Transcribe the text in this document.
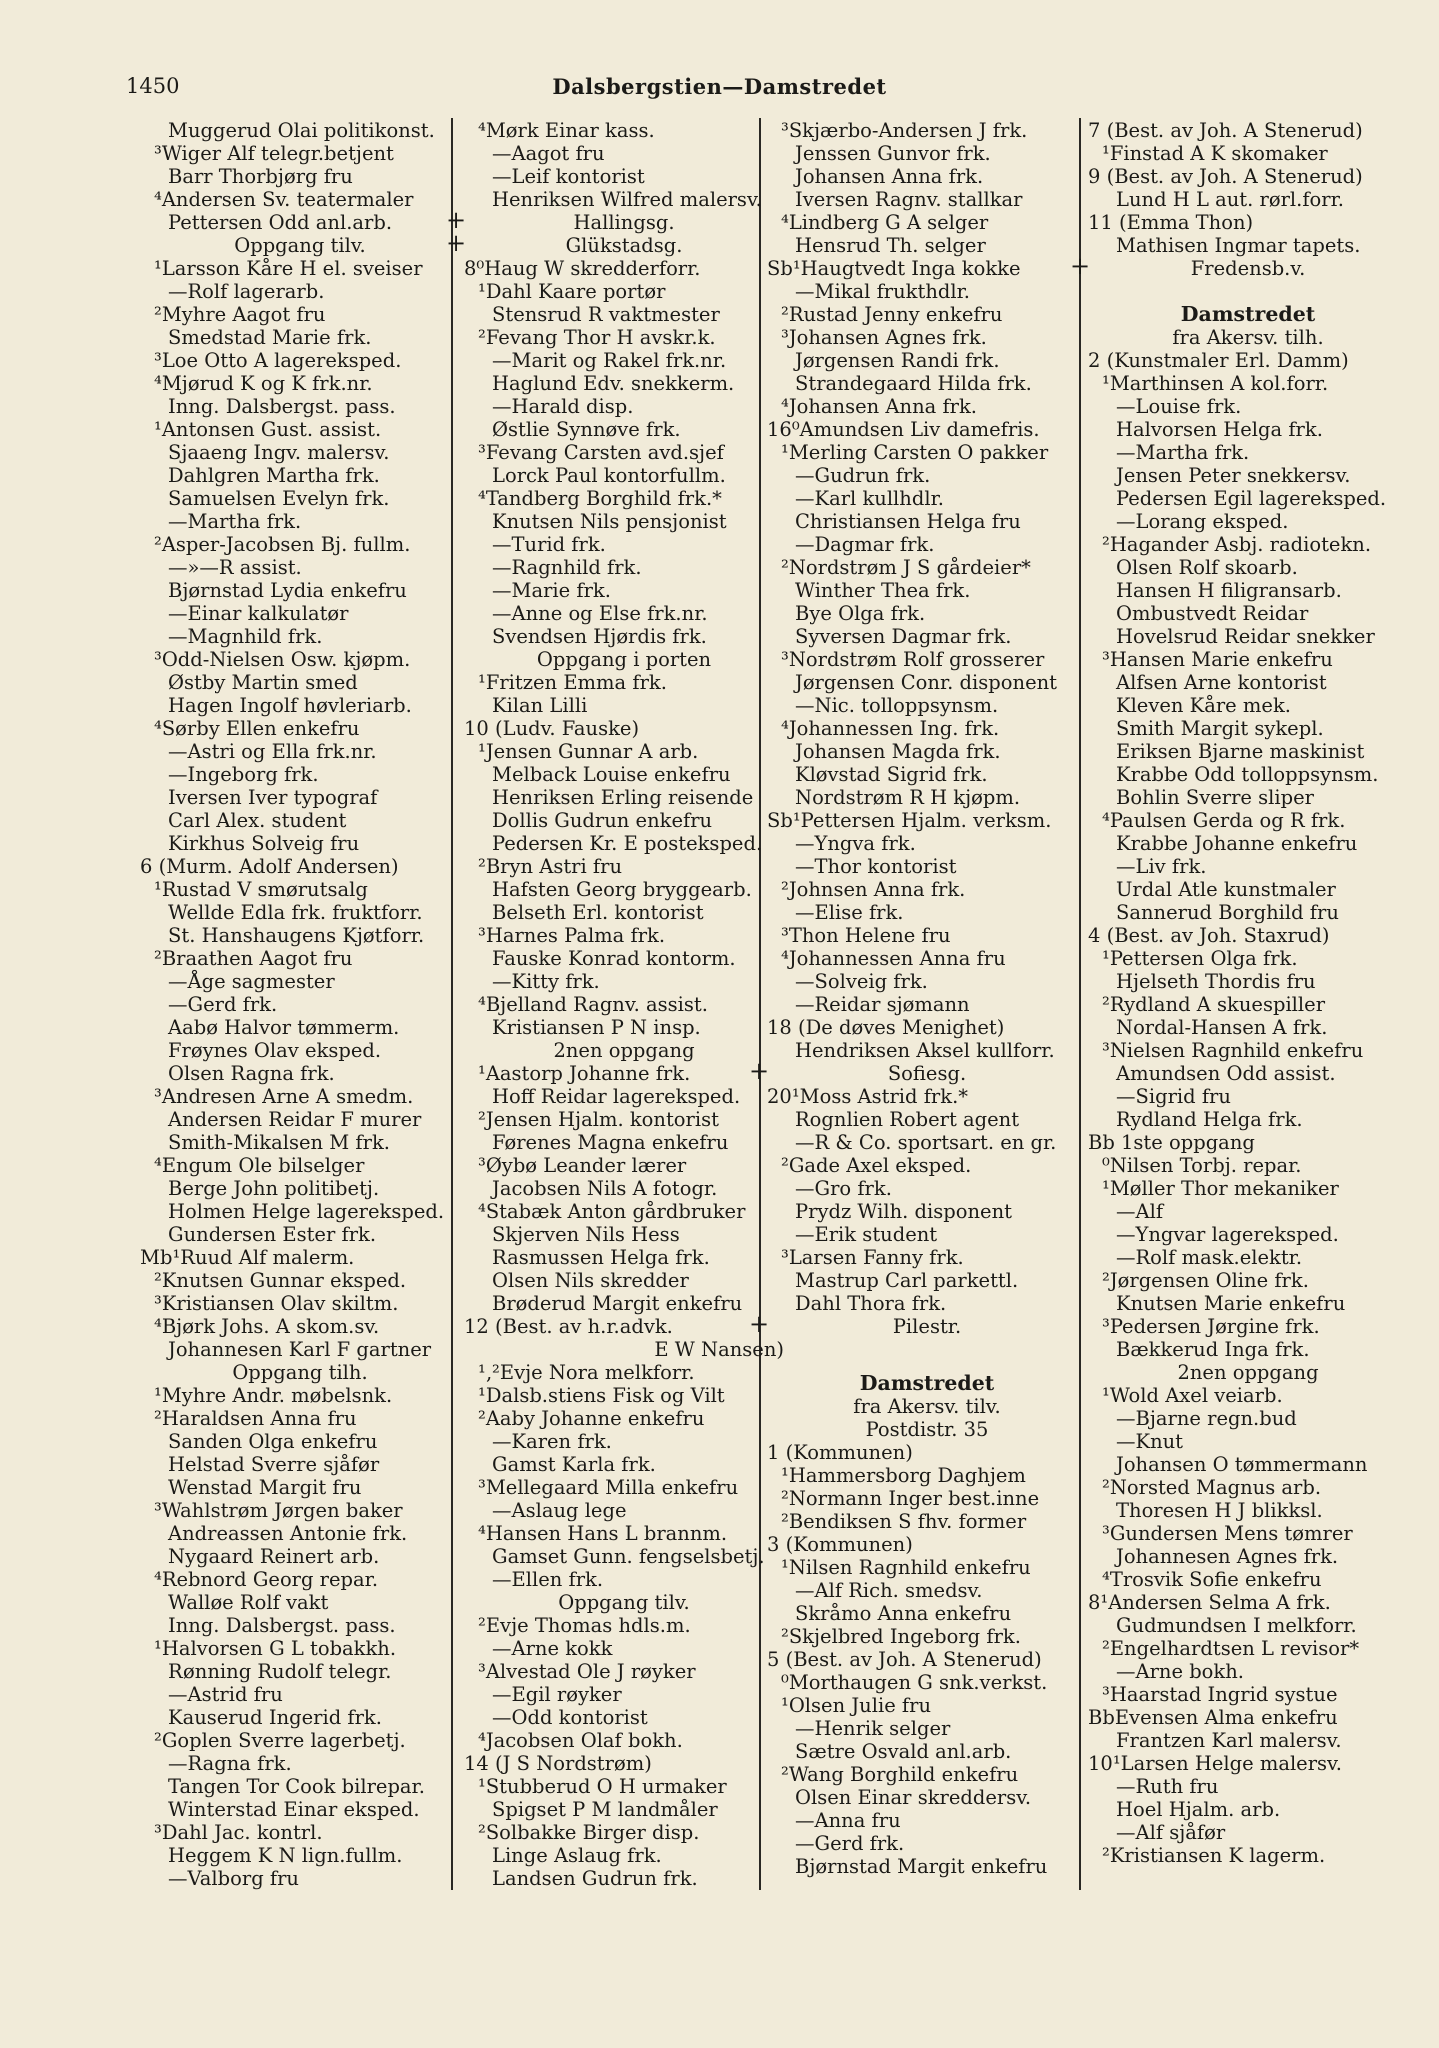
1450	Dalsbergstien—Damstredet
Muggerud Olai politikonst.
³Wiger Alf telegr.betjent
Barr Thorbjørg fru
⁴Andersen Sv. teatermaler
Pettersen Odd anl.arb.
Oppgang tilv.
¹Larsson Kåre H el. sveiser
—Rolf lagerarb.
²Myhre Aagot fru
Smedstad Marie frk.
³Loe Otto A lagereksped.
⁴Mjørud K og K frk.nr.
Inng. Dalsbergst. pass.
¹Antonsen Gust. assist.
Sjaaeng Ingv. malersv.
Dahlgren Martha frk.
Samuelsen Evelyn frk.
—Martha frk.
²Asper-Jacobsen Bj. fullm.
—»—R assist.
Bjørnstad Lydia enkefru
—Einar kalkulatør
—Magnhild frk.
³Odd-Nielsen Osw. kjøpm.
Østby Martin smed
Hagen Ingolf høvleriarb.
⁴Sørby Ellen enkefru
—Astri og Ella frk.nr.
—Ingeborg frk.
Iversen Iver typograf
Carl Alex. student
Kirkhus Solveig fru
6 (Murm. Adolf Andersen)
¹Rustad V smørutsalg
Wellde Edla frk. fruktforr.
St. Hanshaugens Kjøtforr.
²Braathen Aagot fru
—Åge sagmester
—Gerd frk.
Aabø Halvor tømmerm.
Frøynes Olav eksped.
Olsen Ragna frk.
³Andresen Arne A smedm.
Andersen Reidar F murer
Smith-Mikalsen M frk.
⁴Engum Ole bilselger
Berge John politibetj.
Holmen Helge lagereksped.
Gundersen Ester frk.
Mb¹Ruud Alf malerm.
²Knutsen Gunnar eksped.
³Kristiansen Olav skiltm.
⁴Bjørk Johs. A skom.sv.
Johannesen Karl F gartner
Oppgang tilh.
¹Myhre Andr. møbelsnk.
²Haraldsen Anna fru
Sanden Olga enkefru
Helstad Sverre sjåfør
Wenstad Margit fru
³Wahlstrøm Jørgen baker
Andreassen Antonie frk.
Nygaard Reinert arb.
⁴Rebnord Georg repar.
Walløe Rolf vakt
Inng. Dalsbergst. pass.
¹Halvorsen G L tobakkh.
Rønning Rudolf telegr.
—Astrid fru
Kauserud Ingerid frk.
²Goplen Sverre lagerbetj.
—Ragna frk.
Tangen Tor Cook bilrepar.
Winterstad Einar eksped.
³Dahl Jac. kontrl.
Heggem K N lign.fullm.
—Valborg fru
⁴Mørk Einar kass.
—Aagot fru
—Leif kontorist
Henriksen Wilfred malersv.
+	Hallingsg.
+	Glükstadsg.
8⁰Haug W skredderforr.
¹Dahl Kaare portør
Stensrud R vaktmester
²Fevang Thor H avskr.k.
—Marit og Rakel frk.nr.
Haglund Edv. snekkerm.
—Harald disp.
Østlie Synnøve frk.
³Fevang Carsten avd.sjef
Lorck Paul kontorfullm.
⁴Tandberg Borghild frk.*
Knutsen Nils pensjonist
—Turid frk.
—Ragnhild frk.
—Marie frk.
—Anne og Else frk.nr.
Svendsen Hjørdis frk.
Oppgang i porten
¹Fritzen Emma frk.
Kilan Lilli
10 (Ludv. Fauske)
¹Jensen Gunnar A arb.
Melback Louise enkefru
Henriksen Erling reisende
Dollis Gudrun enkefru
Pedersen Kr. E posteksped.
²Bryn Astri fru
Hafsten Georg bryggearb.
Belseth Erl. kontorist
³Harnes Palma frk.
Fauske Konrad kontorm.
—Kitty frk.
⁴Bjelland Ragnv. assist.
Kristiansen P N insp.
2nen oppgang
¹Aastorp Johanne frk.
Hoff Reidar lagereksped.
²Jensen Hjalm. kontorist
Førenes Magna enkefru
³Øybø Leander lærer
Jacobsen Nils A fotogr.
⁴Stabæk Anton gårdbruker
Skjerven Nils Hess
Rasmussen Helga frk.
Olsen Nils skredder
Brøderud Margit enkefru
12 (Best. av h.r.advk.
E W Nansen)
¹‚²Evje Nora melkforr.
¹Dalsb.stiens Fisk og Vilt
²Aaby Johanne enkefru
—Karen frk.
Gamst Karla frk.
³Mellegaard Milla enkefru
—Aslaug lege
⁴Hansen Hans L brannm.
Gamset Gunn. fengselsbetj.
—Ellen frk.
Oppgang tilv.
²Evje Thomas hdls.m.
—Arne kokk
³Alvestad Ole J røyker
—Egil røyker
—Odd kontorist
⁴Jacobsen Olaf bokh.
14 (J S Nordstrøm)
¹Stubberud O H urmaker
Spigset P M landmåler
²Solbakke Birger disp.
Linge Aslaug frk.
Landsen Gudrun frk.
³Skjærbo-Andersen J frk.
Jenssen Gunvor frk.
Johansen Anna frk.
Iversen Ragnv. stallkar
⁴Lindberg G A selger
Hensrud Th. selger
Sb¹Haugtvedt Inga kokke
—Mikal frukthdlr.
²Rustad Jenny enkefru
³Johansen Agnes frk.
Jørgensen Randi frk.
Strandegaard Hilda frk.
⁴Johansen Anna frk.
16⁰Amundsen Liv damefris.
¹Merling Carsten O pakker
—Gudrun frk.
—Karl kullhdlr.
Christiansen Helga fru
—Dagmar frk.
²Nordstrøm J S gårdeier*
Winther Thea frk.
Bye Olga frk.
Syversen Dagmar frk.
³Nordstrøm Rolf grosserer
Jørgensen Conr. disponent
—Nic. tolloppsynsm.
⁴Johannessen Ing. frk.
Johansen Magda frk.
Kløvstad Sigrid frk.
Nordstrøm R H kjøpm.
Sb¹Pettersen Hjalm. verksm.
—Yngva frk.
—Thor kontorist
²Johnsen Anna frk.
—Elise frk.
³Thon Helene fru
⁴Johannessen Anna fru
—Solveig frk.
—Reidar sjømann
18 (De døves Menighet)
Hendriksen Aksel kullforr.
+	Sofiesg.
20¹Moss Astrid frk.*
Rognlien Robert agent
—R & Co. sportsart. en gr.
²Gade Axel eksped.
—Gro frk.
Prydz Wilh. disponent
—Erik student
³Larsen Fanny frk.
Mastrup Carl parkettl.
Dahl Thora frk.
+	Pilestr.
Damstredet
fra Akersv. tilv.
Postdistr. 35
1 (Kommunen)
¹Hammersborg Daghjem
²Normann Inger best.inne
²Bendiksen S fhv. former
3 (Kommunen)
¹Nilsen Ragnhild enkefru
—Alf Rich. smedsv.
Skråmo Anna enkefru
²Skjelbred Ingeborg frk.
5 (Best. av Joh. A Stenerud)
⁰Morthaugen G snk.verkst.
¹Olsen Julie fru
—Henrik selger
Sætre Osvald anl.arb.
²Wang Borghild enkefru
Olsen Einar skreddersv.
—Anna fru
—Gerd frk.
Bjørnstad Margit enkefru
7 (Best. av Joh. A Stenerud)
¹Finstad A K skomaker
9 (Best. av Joh. A Stenerud)
Lund H L aut. rørl.forr.
11 (Emma Thon)
Mathisen Ingmar tapets.
+	Fredensb.v.
Damstredet
fra Akersv. tilh.
2 (Kunstmaler Erl. Damm)
¹Marthinsen A kol.forr.
—Louise frk.
Halvorsen Helga frk.
—Martha frk.
Jensen Peter snekkersv.
Pedersen Egil lagereksped.
—Lorang eksped.
²Hagander Asbj. radiotekn.
Olsen Rolf skoarb.
Hansen H filigransarb.
Ombustvedt Reidar
Hovelsrud Reidar snekker
³Hansen Marie enkefru
Alfsen Arne kontorist
Kleven Kåre mek.
Smith Margit sykepl.
Eriksen Bjarne maskinist
Krabbe Odd tolloppsynsm.
Bohlin Sverre sliper
⁴Paulsen Gerda og R frk.
Krabbe Johanne enkefru
—Liv frk.
Urdal Atle kunstmaler
Sannerud Borghild fru
4 (Best. av Joh. Staxrud)
¹Pettersen Olga frk.
Hjelseth Thordis fru
²Rydland A skuespiller
Nordal-Hansen A frk.
³Nielsen Ragnhild enkefru
Amundsen Odd assist.
—Sigrid fru
Rydland Helga frk.
Bb 1ste oppgang
⁰Nilsen Torbj. repar.
¹Møller Thor mekaniker
—Alf
—Yngvar lagereksped.
—Rolf mask.elektr.
²Jørgensen Oline frk.
Knutsen Marie enkefru
³Pedersen Jørgine frk.
Bækkerud Inga frk.
2nen oppgang
¹Wold Axel veiarb.
—Bjarne regn.bud
—Knut
Johansen O tømmermann
²Norsted Magnus arb.
Thoresen H J blikksl.
³Gundersen Mens tømrer
Johannesen Agnes frk.
⁴Trosvik Sofie enkefru
8¹Andersen Selma A frk.
Gudmundsen I melkforr.
²Engelhardtsen L revisor*
—Arne bokh.
³Haarstad Ingrid systue
BbEvensen Alma enkefru
Frantzen Karl malersv.
10¹Larsen Helge malersv.
—Ruth fru
Hoel Hjalm. arb.
—Alf sjåfør
²Kristiansen K lagerm.
